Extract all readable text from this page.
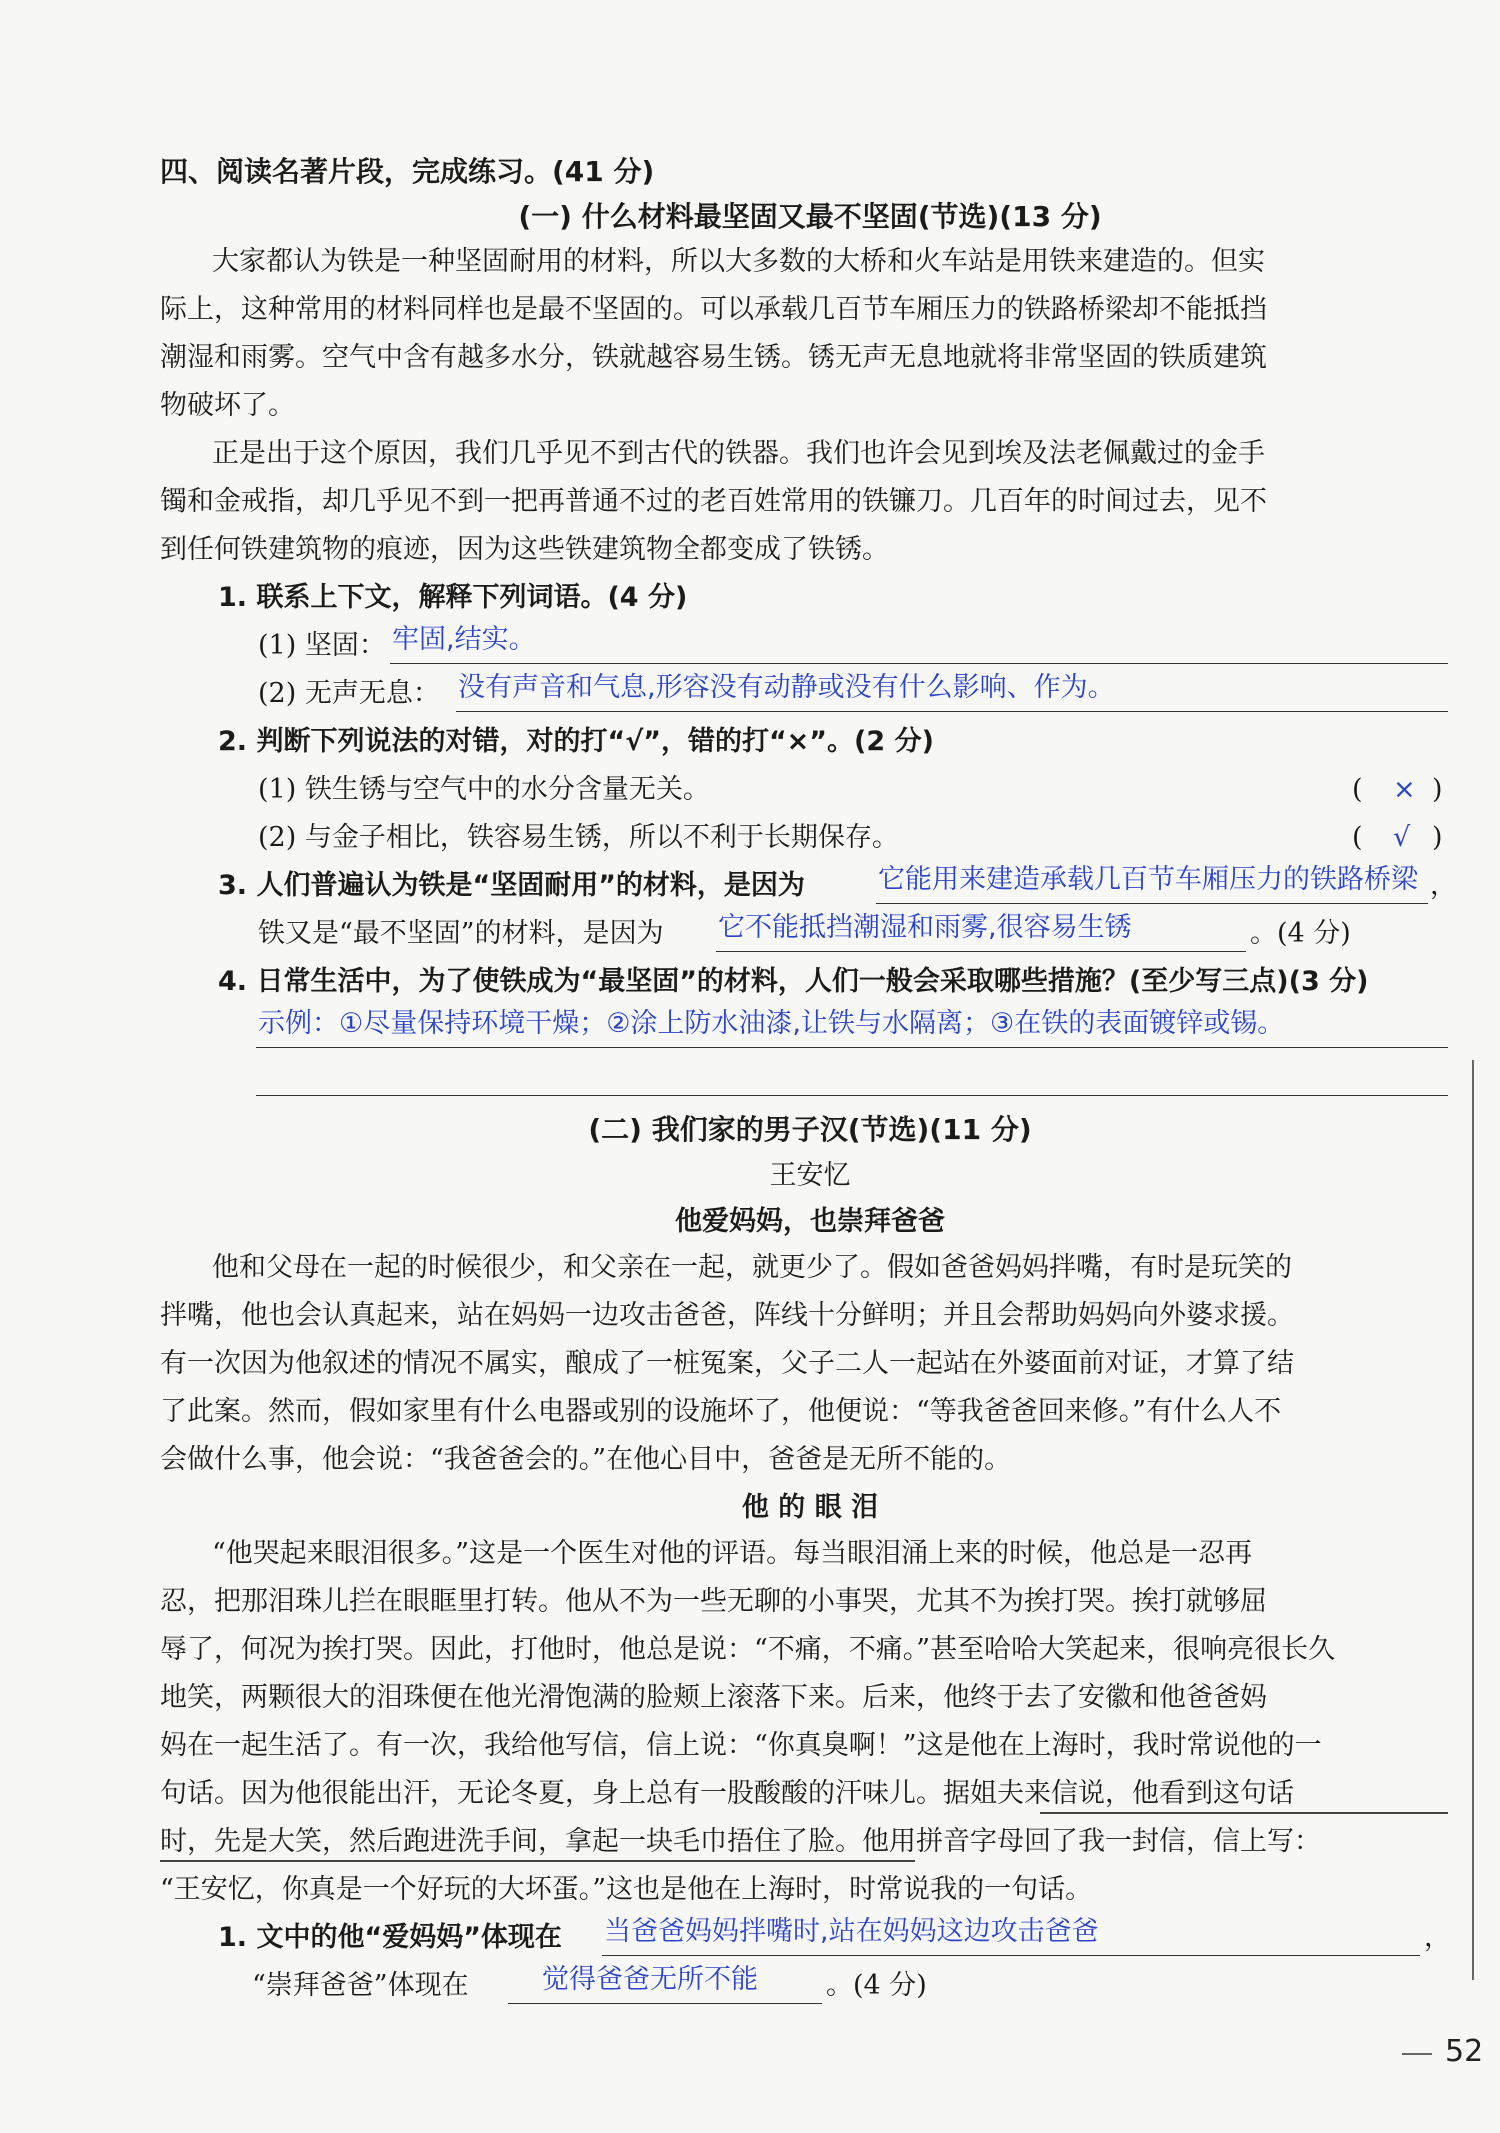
四、阅读名著片段，完成练习。(41 分)
(一) 什么材料最坚固又最不坚固(节选)(13 分)
大家都认为铁是一种坚固耐用的材料，所以大多数的大桥和火车站是用铁来建造的。但实
际上，这种常用的材料同样也是最不坚固的。可以承载几百节车厢压力的铁路桥梁却不能抵挡
潮湿和雨雾。空气中含有越多水分，铁就越容易生锈。锈无声无息地就将非常坚固的铁质建筑
物破坏了。
正是出于这个原因，我们几乎见不到古代的铁器。我们也许会见到埃及法老佩戴过的金手
镯和金戒指，却几乎见不到一把再普通不过的老百姓常用的铁镰刀。几百年的时间过去，见不
到任何铁建筑物的痕迹，因为这些铁建筑物全都变成了铁锈。
1. 联系上下文，解释下列词语。(4 分)
(1) 坚固： 牢固,结实。
(2) 无声无息： 没有声音和气息,形容没有动静或没有什么影响、作为。
2. 判断下列说法的对错，对的打“√”，错的打“×”。(2 分)
(1) 铁生锈与空气中的水分含量无关。	( × )
(2) 与金子相比，铁容易生锈，所以不利于长期保存。	( √ )
3. 人们普遍认为铁是“坚固耐用”的材料，是因为	它能用来建造承载几百节车厢压力的铁路桥梁 ，
铁又是“最不坚固”的材料，是因为 它不能抵挡潮湿和雨雾,很容易生锈	。(4 分)
4. 日常生活中，为了使铁成为“最坚固”的材料，人们一般会采取哪些措施？(至少写三点)(3 分)
示例：①尽量保持环境干燥；②涂上防水油漆,让铁与水隔离；③在铁的表面镀锌或锡。
(二) 我们家的男子汉(节选)(11 分)
王安忆
他爱妈妈，也崇拜爸爸
他和父母在一起的时候很少，和父亲在一起，就更少了。假如爸爸妈妈拌嘴，有时是玩笑的
拌嘴，他也会认真起来，站在妈妈一边攻击爸爸，阵线十分鲜明；并且会帮助妈妈向外婆求援。
有一次因为他叙述的情况不属实，酿成了一桩冤案，父子二人一起站在外婆面前对证，才算了结
了此案。然而，假如家里有什么电器或别的设施坏了，他便说：“等我爸爸回来修。”有什么人不
会做什么事，他会说：“我爸爸会的。”在他心目中，爸爸是无所不能的。
他 的 眼 泪
“他哭起来眼泪很多。”这是一个医生对他的评语。每当眼泪涌上来的时候，他总是一忍再
忍，把那泪珠儿拦在眼眶里打转。他从不为一些无聊的小事哭，尤其不为挨打哭。挨打就够屈
辱了，何况为挨打哭。因此，打他时，他总是说：“不痛，不痛。”甚至哈哈大笑起来，很响亮很长久
地笑，两颗很大的泪珠便在他光滑饱满的脸颊上滚落下来。后来，他终于去了安徽和他爸爸妈
妈在一起生活了。有一次，我给他写信，信上说：“你真臭啊！”这是他在上海时，我时常说他的一
句话。因为他很能出汗，无论冬夏，身上总有一股酸酸的汗味儿。据姐夫来信说，他看到这句话
时，先是大笑，然后跑进洗手间，拿起一块毛巾捂住了脸。他用拼音字母回了我一封信，信上写：
“王安忆，你真是一个好玩的大坏蛋。”这也是他在上海时，时常说我的一句话。
1. 文中的他“爱妈妈”体现在 当爸爸妈妈拌嘴时,站在妈妈这边攻击爸爸	，
“崇拜爸爸”体现在	觉得爸爸无所不能	。(4 分)
52
